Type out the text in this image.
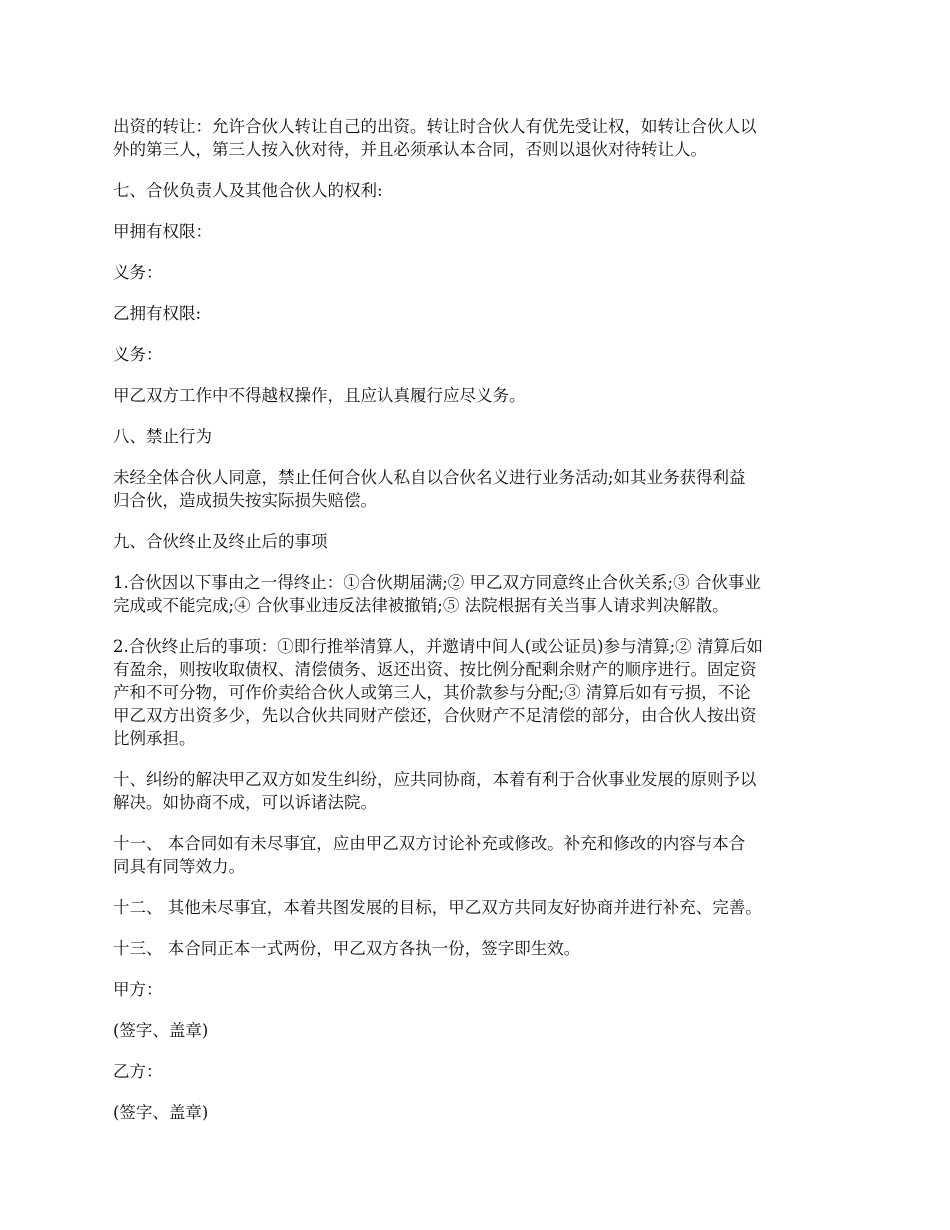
出资的转让：允许合伙人转让自己的出资。转让时合伙人有优先受让权，如转让合伙人以
外的第三人，第三人按入伙对待，并且必须承认本合同，否则以退伙对待转让人。

七、合伙负责人及其他合伙人的权利:

甲拥有权限：

义务：

乙拥有权限:

义务：

甲乙双方工作中不得越权操作，且应认真履行应尽义务。

八、禁止行为

未经全体合伙人同意，禁止任何合伙人私自以合伙名义进行业务活动;如其业务获得利益
归合伙，造成损失按实际损失赔偿。

九、合伙终止及终止后的事项

1.合伙因以下事由之一得终止：①合伙期届满;② 甲乙双方同意终止合伙关系;③ 合伙事业
完成或不能完成;④ 合伙事业违反法律被撤销;⑤ 法院根据有关当事人请求判决解散。

2.合伙终止后的事项：①即行推举清算人，并邀请中间人(或公证员)参与清算;② 清算后如
有盈余，则按收取债权、清偿债务、返还出资、按比例分配剩余财产的顺序进行。固定资
产和不可分物，可作价卖给合伙人或第三人，其价款参与分配;③ 清算后如有亏损，不论
甲乙双方出资多少，先以合伙共同财产偿还，合伙财产不足清偿的部分，由合伙人按出资
比例承担。

十、纠纷的解决甲乙双方如发生纠纷，应共同协商，本着有利于合伙事业发展的原则予以
解决。如协商不成，可以诉诸法院。

十一、 本合同如有未尽事宜，应由甲乙双方讨论补充或修改。补充和修改的内容与本合
同具有同等效力。

十二、 其他未尽事宜，本着共图发展的目标，甲乙双方共同友好协商并进行补充、完善。

十三、 本合同正本一式两份，甲乙双方各执一份，签字即生效。

甲方：

(签字、盖章)

乙方：

(签字、盖章)
